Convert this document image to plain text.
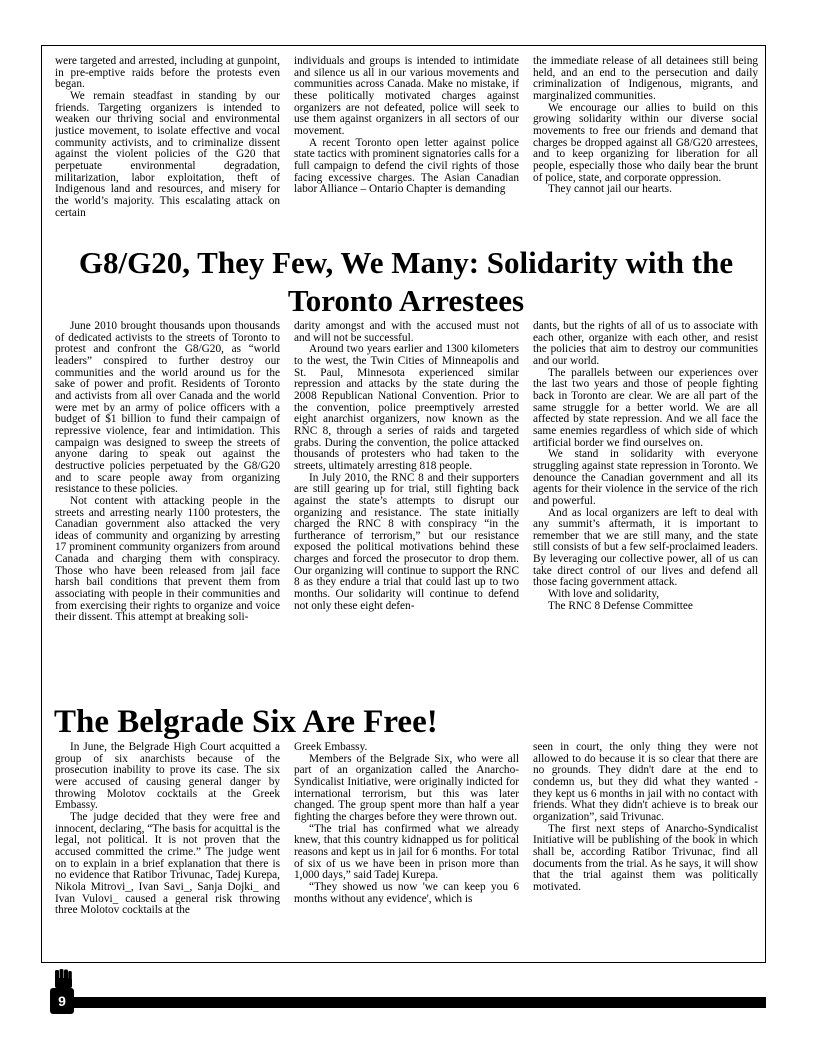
were targeted and arrested, including at gunpoint, in pre-emptive raids before the protests even began.

We remain steadfast in standing by our friends. Targeting organizers is intended to weaken our thriving social and environmental justice movement, to isolate effective and vocal community activists, and to criminalize dissent against the violent policies of the G20 that perpetuate environmental degradation, militarization, labor exploitation, theft of Indigenous land and resources, and misery for the world’s majority. This escalating attack on certain

individuals and groups is intended to intimidate and silence us all in our various movements and communities across Canada. Make no mistake, if these politically motivated charges against organizers are not defeated, police will seek to use them against organizers in all sectors of our movement.

A recent Toronto open letter against police state tactics with prominent signatories calls for a full campaign to defend the civil rights of those facing excessive charges. The Asian Canadian labor Alliance – Ontario Chapter is demanding

the immediate release of all detainees still being held, and an end to the persecution and daily criminalization of Indigenous, migrants, and marginalized communities.

We encourage our allies to build on this growing solidarity within our diverse social movements to free our friends and demand that charges be dropped against all G8/G20 arrestees, and to keep organizing for liberation for all people, especially those who daily bear the brunt of police, state, and corporate oppression.

They cannot jail our hearts.

G8/G20, They Few, We Many: Solidarity with the Toronto Arrestees

June 2010 brought thousands upon thousands of dedicated activists to the streets of Toronto to protest and confront the G8/G20, as “world leaders” conspired to further destroy our communities and the world around us for the sake of power and profit. Residents of Toronto and activists from all over Canada and the world were met by an army of police officers with a budget of $1 billion to fund their campaign of repressive violence, fear and intimidation. This campaign was designed to sweep the streets of anyone daring to speak out against the destructive policies perpetuated by the G8/G20 and to scare people away from organizing resistance to these policies.

Not content with attacking people in the streets and arresting nearly 1100 protesters, the Canadian government also attacked the very ideas of community and organizing by arresting 17 prominent community organizers from around Canada and charging them with conspiracy. Those who have been released from jail face harsh bail conditions that prevent them from associating with people in their communities and from exercising their rights to organize and voice their dissent. This attempt at breaking soli-

darity amongst and with the accused must not and will not be successful.

Around two years earlier and 1300 kilometers to the west, the Twin Cities of Minneapolis and St. Paul, Minnesota experienced similar repression and attacks by the state during the 2008 Republican National Convention. Prior to the convention, police preemptively arrested eight anarchist organizers, now known as the RNC 8, through a series of raids and targeted grabs. During the convention, the police attacked thousands of protesters who had taken to the streets, ultimately arresting 818 people.

In July 2010, the RNC 8 and their supporters are still gearing up for trial, still fighting back against the state’s attempts to disrupt our organizing and resistance. The state initially charged the RNC 8 with conspiracy “in the furtherance of terrorism,” but our resistance exposed the political motivations behind these charges and forced the prosecutor to drop them. Our organizing will continue to support the RNC 8 as they endure a trial that could last up to two months. Our solidarity will continue to defend not only these eight defen-

dants, but the rights of all of us to associate with each other, organize with each other, and resist the policies that aim to destroy our communities and our world.

The parallels between our experiences over the last two years and those of people fighting back in Toronto are clear. We are all part of the same struggle for a better world. We are all affected by state repression. And we all face the same enemies regardless of which side of which artificial border we find ourselves on.

We stand in solidarity with everyone struggling against state repression in Toronto. We denounce the Canadian government and all its agents for their violence in the service of the rich and powerful.

And as local organizers are left to deal with any summit’s aftermath, it is important to remember that we are still many, and the state still consists of but a few self-proclaimed leaders. By leveraging our collective power, all of us can take direct control of our lives and defend all those facing government attack.

With love and solidarity,

The RNC 8 Defense Committee

The Belgrade Six Are Free!

In June, the Belgrade High Court acquitted a group of six anarchists because of the prosecution inability to prove its case. The six were accused of causing general danger by throwing Molotov cocktails at the Greek Embassy.

The judge decided that they were free and innocent, declaring, “The basis for acquittal is the legal, not political. It is not proven that the accused committed the crime.” The judge went on to explain in a brief explanation that there is no evidence that Ratibor Trivunac, Tadej Kurepa, Nikola Mitrovi_, Ivan Savi_, Sanja Dojki_ and Ivan Vulovi_ caused a general risk throwing three Molotov cocktails at the

Greek Embassy.

Members of the Belgrade Six, who were all part of an organization called the Anarcho-Syndicalist Initiative, were originally indicted for international terrorism, but this was later changed. The group spent more than half a year fighting the charges before they were thrown out.

“The trial has confirmed what we already knew, that this country kidnapped us for political reasons and kept us in jail for 6 months. For total of six of us we have been in prison more than 1,000 days,” said Tadej Kurepa.

“They showed us now 'we can keep you 6 months without any evidence', which is

seen in court, the only thing they were not allowed to do because it is so clear that there are no grounds. They didn't dare at the end to condemn us, but they did what they wanted - they kept us 6 months in jail with no contact with friends. What they didn't achieve is to break our organization”, said Trivunac.

The first next steps of Anarcho-Syndicalist Initiative will be publishing of the book in which shall be, according Ratibor Trivunac, find all documents from the trial. As he says, it will show that the trial against them was politically motivated.

9
